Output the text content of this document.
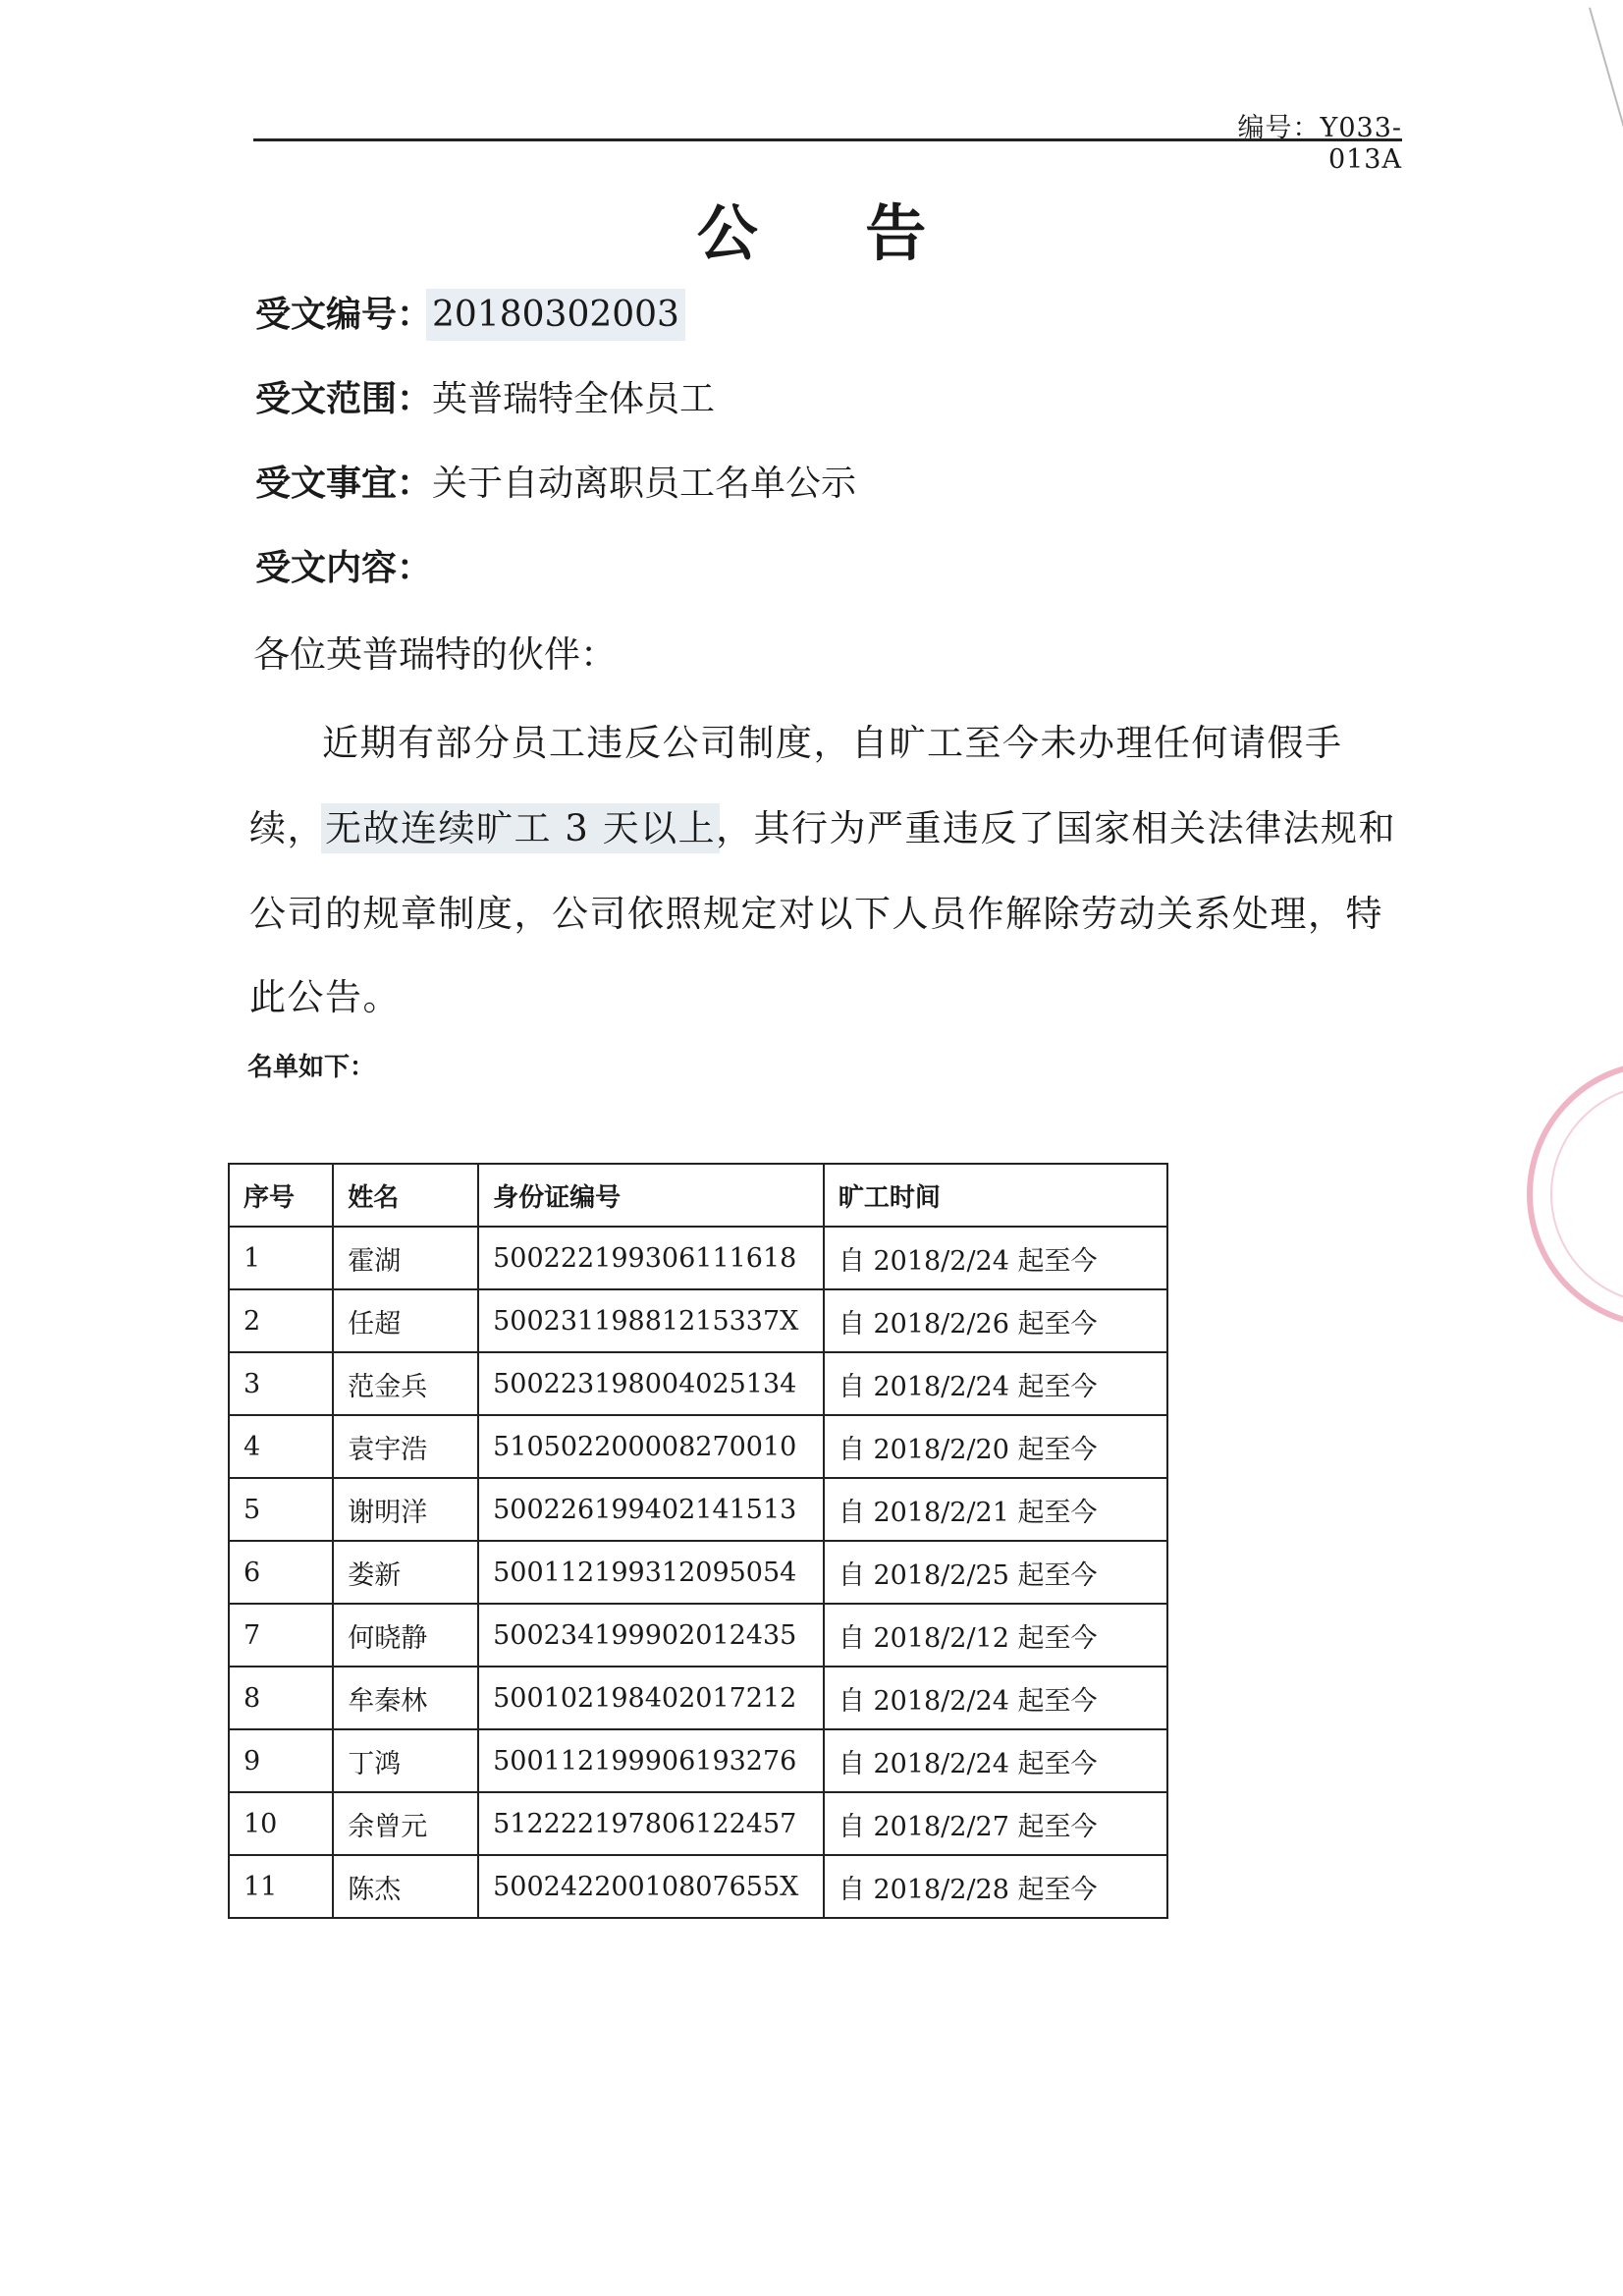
编号：Y033-013A
公 告
受文编号：20180302003
受文范围：英普瑞特全体员工
受文事宜：关于自动离职员工名单公示
受文内容：
各位英普瑞特的伙伴：
近期有部分员工违反公司制度，自旷工至今未办理任何请假手
续，无故连续旷工 3 天以上，其行为严重违反了国家相关法律法规和
公司的规章制度，公司依照规定对以下人员作解除劳动关系处理，特
此公告。
名单如下：
序号	姓名	身份证编号	旷工时间
1	霍湖	500222199306111618	自 2018/2/24 起至今
2	任超	50023119881215337X	自 2018/2/26 起至今
3	范金兵	500223198004025134	自 2018/2/24 起至今
4	袁宇浩	510502200008270010	自 2018/2/20 起至今
5	谢明洋	500226199402141513	自 2018/2/21 起至今
6	娄新	500112199312095054	自 2018/2/25 起至今
7	何晓静	500234199902012435	自 2018/2/12 起至今
8	牟秦林	500102198402017212	自 2018/2/24 起至今
9	丁鸿	500112199906193276	自 2018/2/24 起至今
10	余曾元	512222197806122457	自 2018/2/27 起至今
11	陈杰	50024220010807655X	自 2018/2/28 起至今
